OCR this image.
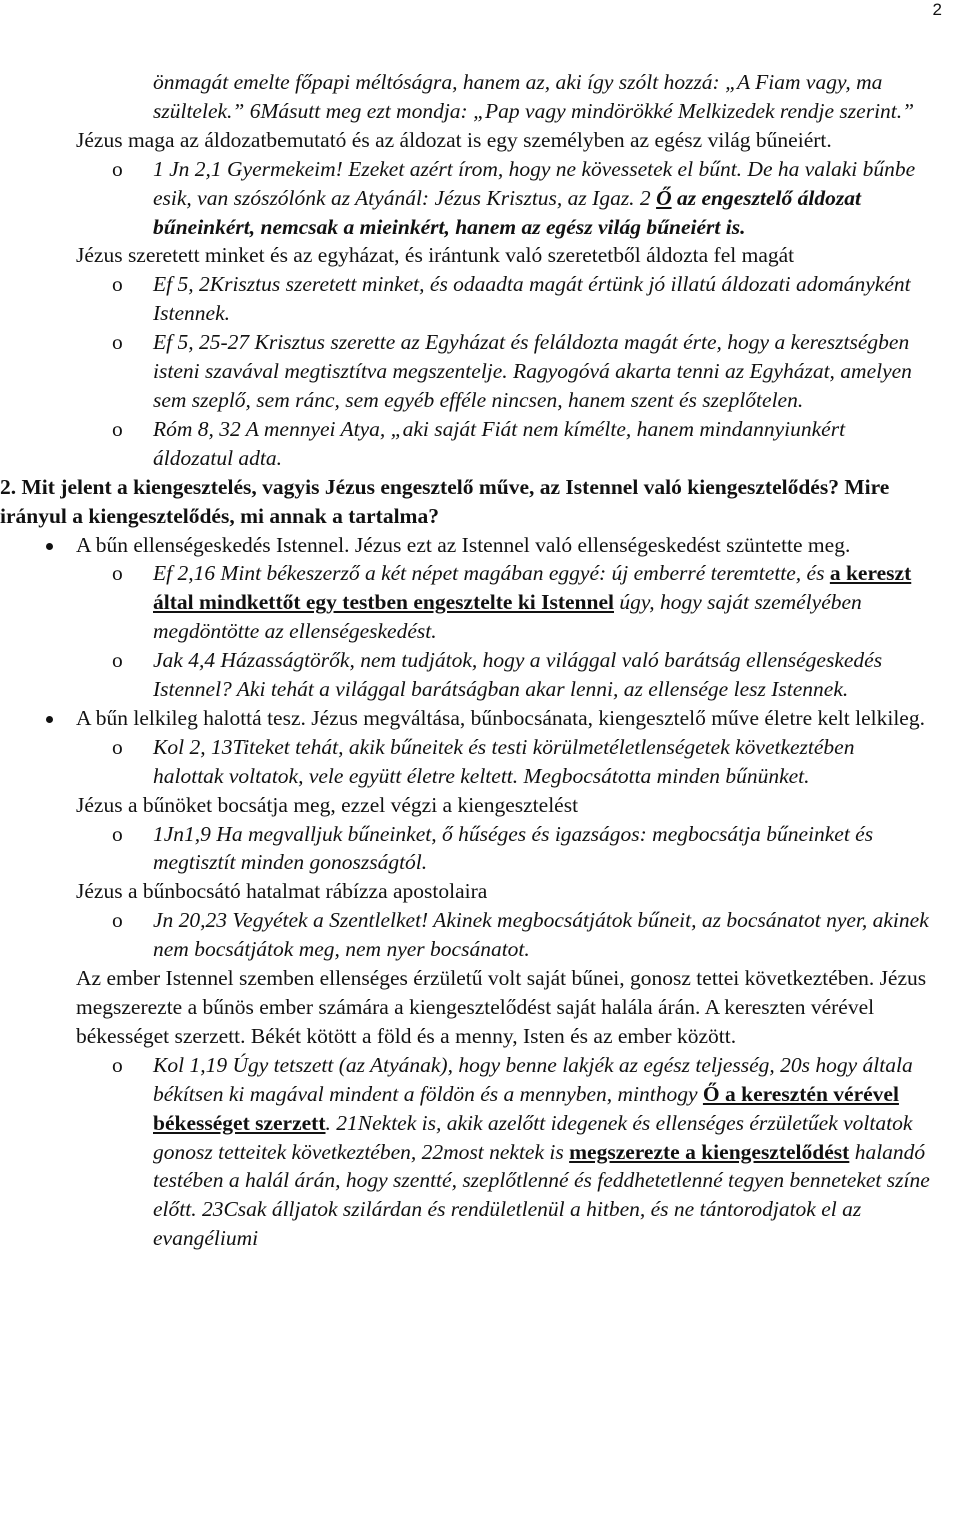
2
önmagát emelte főpapi méltóságra, hanem az, aki így szólt hozzá: „A Fiam vagy, ma szültelek.” 6Másutt meg ezt mondja: „Pap vagy mindörökké Melkizedek rendje szerint.”
Jézus maga az áldozatbemutató és az áldozat is egy személyben az egész világ bűneiért.
o 1 Jn 2,1 Gyermekeim! Ezeket azért írom, hogy ne kövessetek el bűnt. De ha valaki bűnbe esik, van szószólónk az Atyánál: Jézus Krisztus, az Igaz. 2 Ő az engesztelő áldozat bűneinkért, nemcsak a mieinkért, hanem az egész világ bűneiért is.
Jézus szeretett minket és az egyházat, és irántunk való szeretetből áldozta fel magát
o Ef 5, 2Krisztus szeretett minket, és odaadta magát értünk jó illatú áldozati adományként Istennek.
o Ef 5, 25-27 Krisztus szerette az Egyházat és feláldozta magát érte, hogy a keresztségben isteni szavával megtisztítva megszentelje. Ragyogóvá akarta tenni az Egyházat, amelyen sem szeplő, sem ránc, sem egyéb efféle nincsen, hanem szent és szeplőtelen.
o Róm 8, 32 A mennyei Atya, „aki saját Fiát nem kímélte, hanem mindannyiunkért áldozatul adta.
2. Mit jelent a kiengesztelés, vagyis Jézus engesztelő műve, az Istennel való kiengesztelődés? Mire irányul a kiengesztelődés, mi annak a tartalma?
A bűn ellenségeskedés Istennel. Jézus ezt az Istennel való ellenségeskedést szüntette meg.
o Ef 2,16 Mint békeszerző a két népet magában eggyé: új emberré teremtette, és a kereszt által mindkettőt egy testben engesztelte ki Istennel úgy, hogy saját személyében megdöntötte az ellenségeskedést.
o Jak 4,4 Házasságtörők, nem tudjátok, hogy a világgal való barátság ellenségeskedés Istennel? Aki tehát a világgal barátságban akar lenni, az ellensége lesz Istennek.
A bűn lelkileg halottá tesz. Jézus megváltása, bűnbocsánata, kiengesztelő műve életre kelt lelkileg.
o Kol 2, 13Titeket tehát, akik bűneitek és testi körülmetéletlenségetek következtében halottak voltatok, vele együtt életre keltett. Megbocsátotta minden bűnünket.
Jézus a bűnöket bocsátja meg, ezzel végzi a kiengesztelést
o 1Jn1,9 Ha megvalljuk bűneinket, ő hűséges és igazságos: megbocsátja bűneinket és megtisztít minden gonoszságtól.
Jézus a bűnbocsátó hatalmat rábízza apostolaira
o Jn 20,23 Vegyétek a Szentlelket! Akinek megbocsátjátok bűneit, az bocsánatot nyer, akinek nem bocsátjátok meg, nem nyer bocsánatot.
Az ember Istennel szemben ellenséges érzületű volt saját bűnei, gonosz tettei következtében. Jézus megszerezte a bűnös ember számára a kiengesztelődést saját halála árán. A kereszten vérével békességet szerzett. Békét kötött a föld és a menny, Isten és az ember között.
o Kol 1,19 Úgy tetszett (az Atyának), hogy benne lakjék az egész teljesség, 20s hogy általa békítsen ki magával mindent a földön és a mennyben, minthogy Ő a keresztén vérével békességet szerzett. 21Nektek is, akik azelőtt idegenek és ellenséges érzületűek voltatok gonosz tetteitek következtében, 22most nektek is megszerezte a kiengesztelődést halandó testében a halál árán, hogy szentté, szeplőtlenné és feddhetetlenné tegyen benneteket színe előtt. 23Csak álljatok szilárdan és rendületlenül a hitben, és ne tántorodjatok el az evangéliumi
